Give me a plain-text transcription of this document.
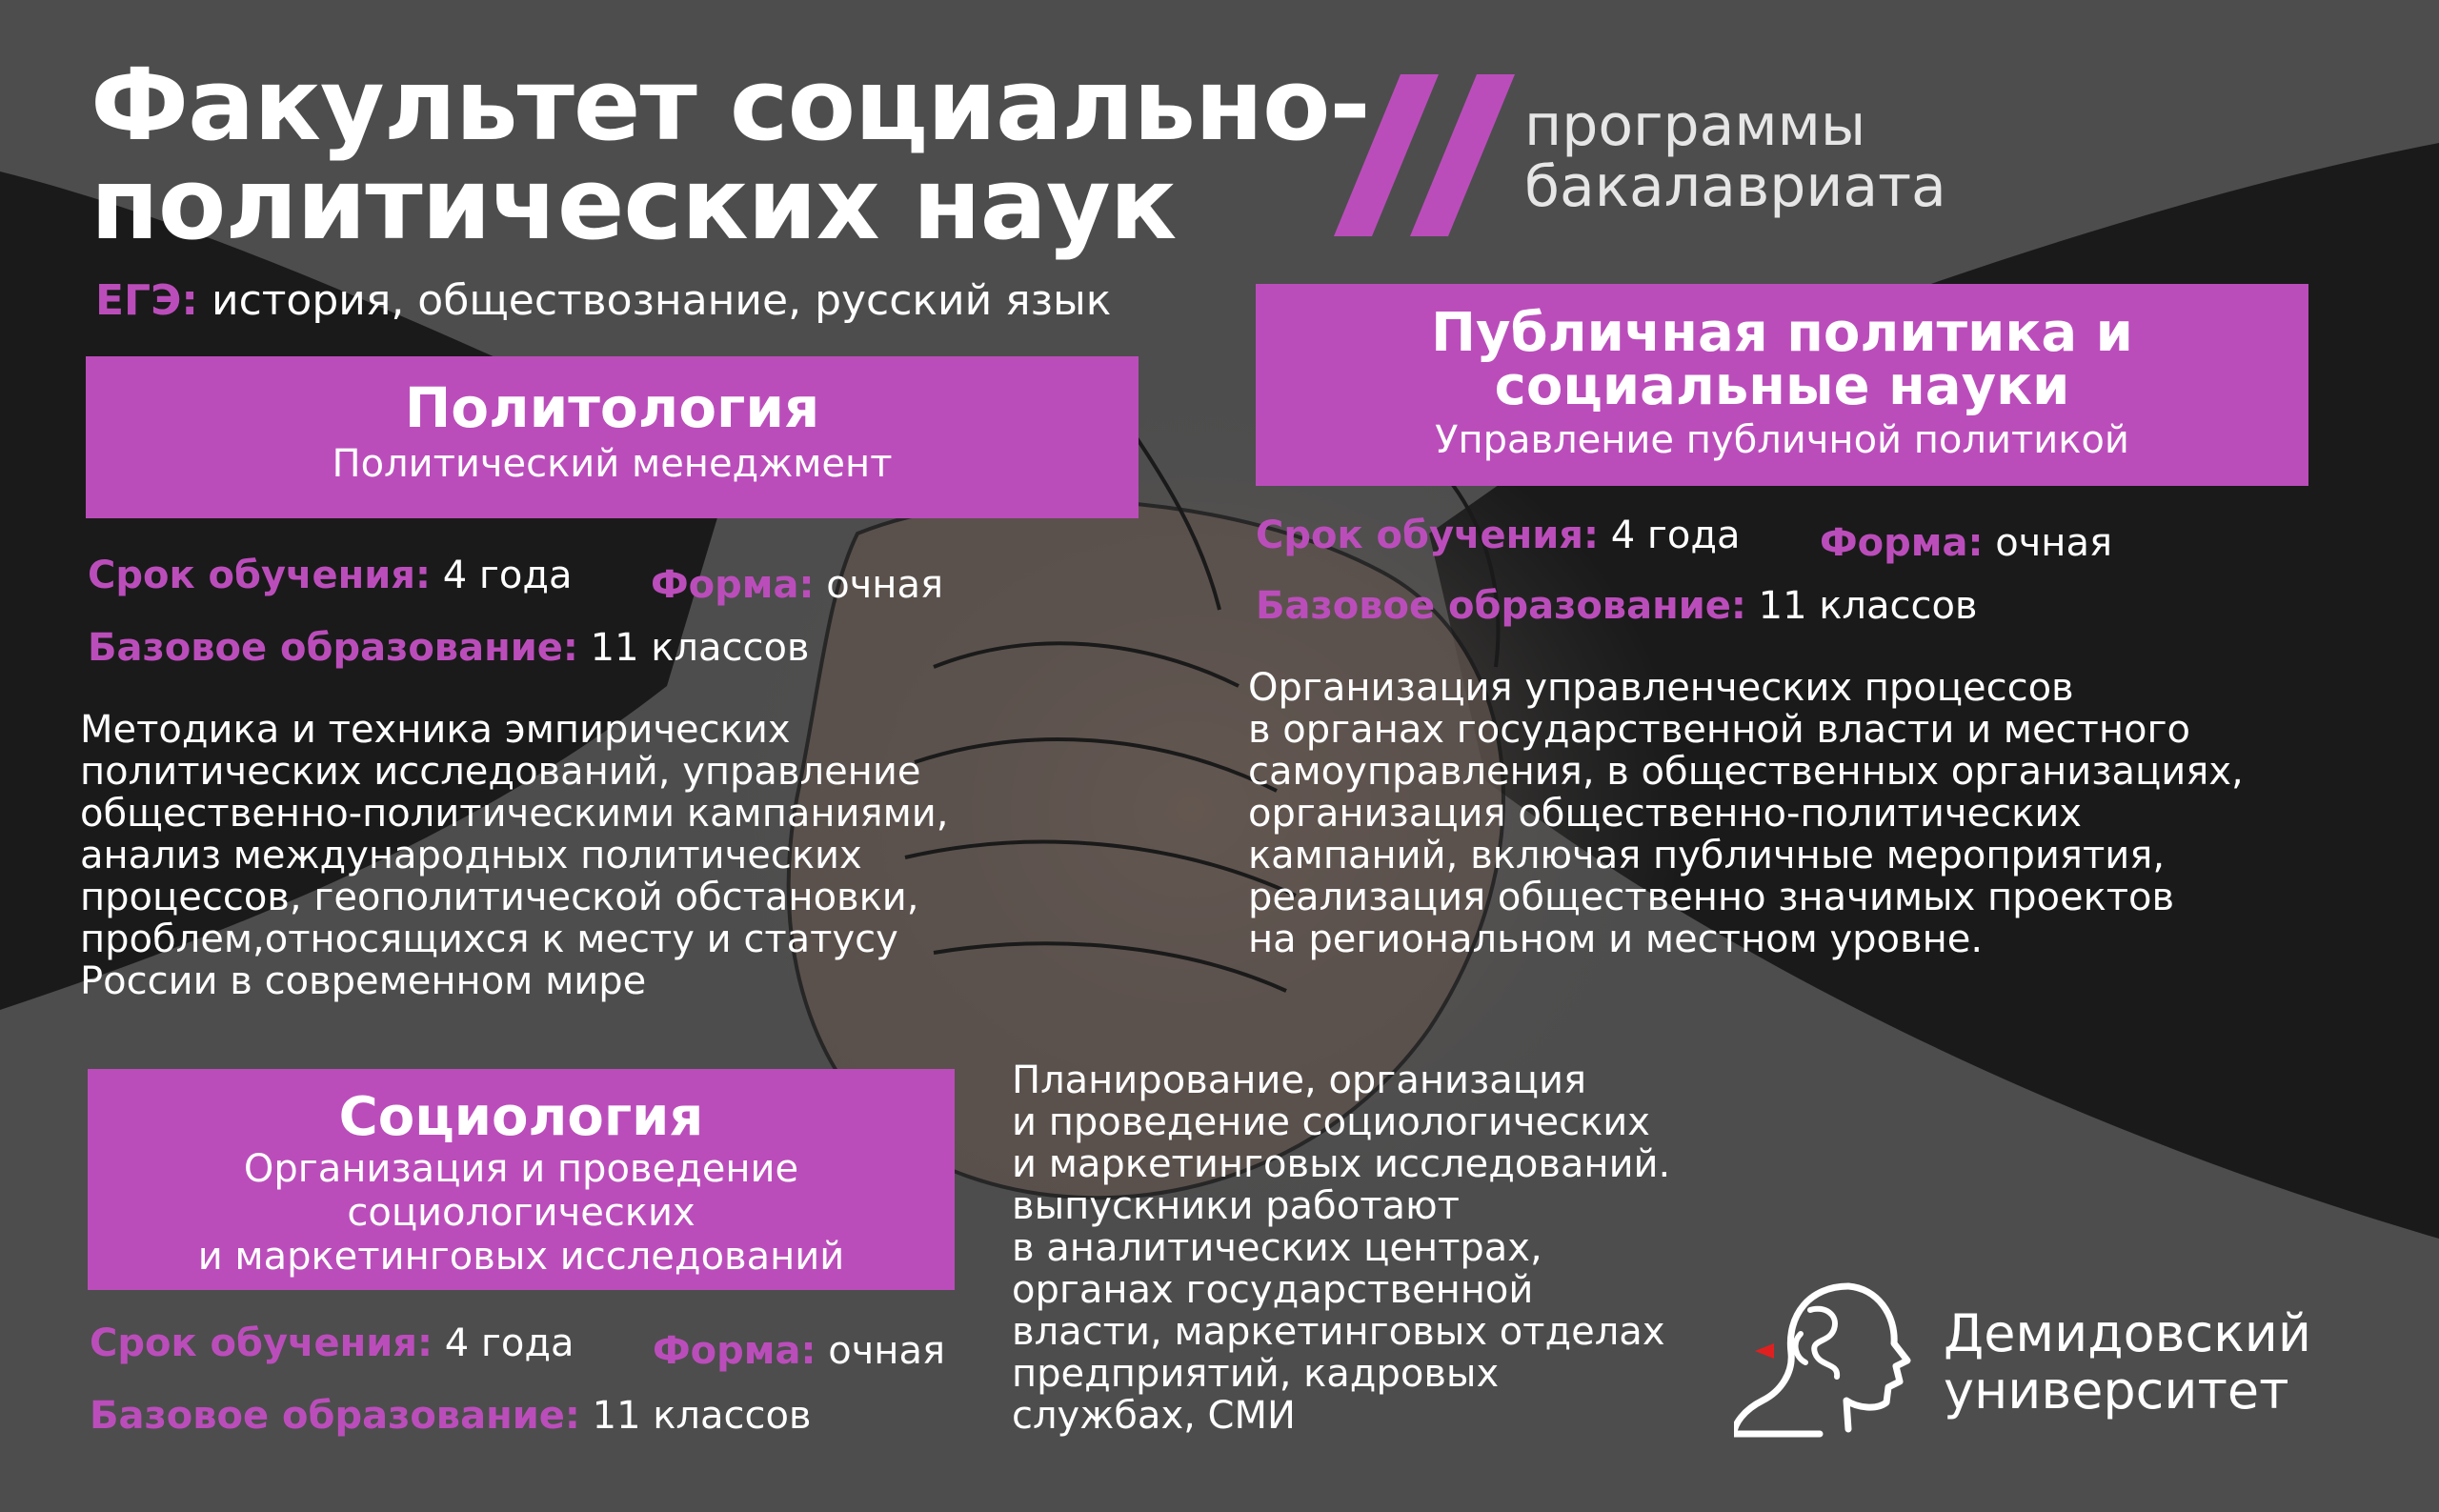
Факультет социально-
политических наук
программы
бакалавриата
ЕГЭ: история, обществознание, русский язык
Политология
Политический менеджмент
Срок обучения: 4 года Форма: очная
Базовое образование: 11 классов
Методика и техника эмпирических
политических исследований, управление
общественно-политическими кампаниями,
анализ международных политических
процессов, геополитической обстановки,
проблем,относящихся к месту и статусу
России в современном мире
Публичная политика и
социальные науки
Управление публичной политикой
Срок обучения: 4 года Форма: очная
Базовое образование: 11 классов
Организация управленческих процессов
в органах государственной власти и местного
самоуправления, в общественных организациях,
организация общественно-политических
кампаний, включая публичные мероприятия,
реализация общественно значимых проектов
на региональном и местном уровне.
Социология
Организация и проведение
социологических
и маркетинговых исследований
Срок обучения: 4 года Форма: очная
Базовое образование: 11 классов
Планирование, организация
и проведение социологических
и маркетинговых исследований.
выпускники работают
в аналитических центрах,
органах государственной
власти, маркетинговых отделах
предприятий, кадровых
службах, СМИ
Демидовский
университет
